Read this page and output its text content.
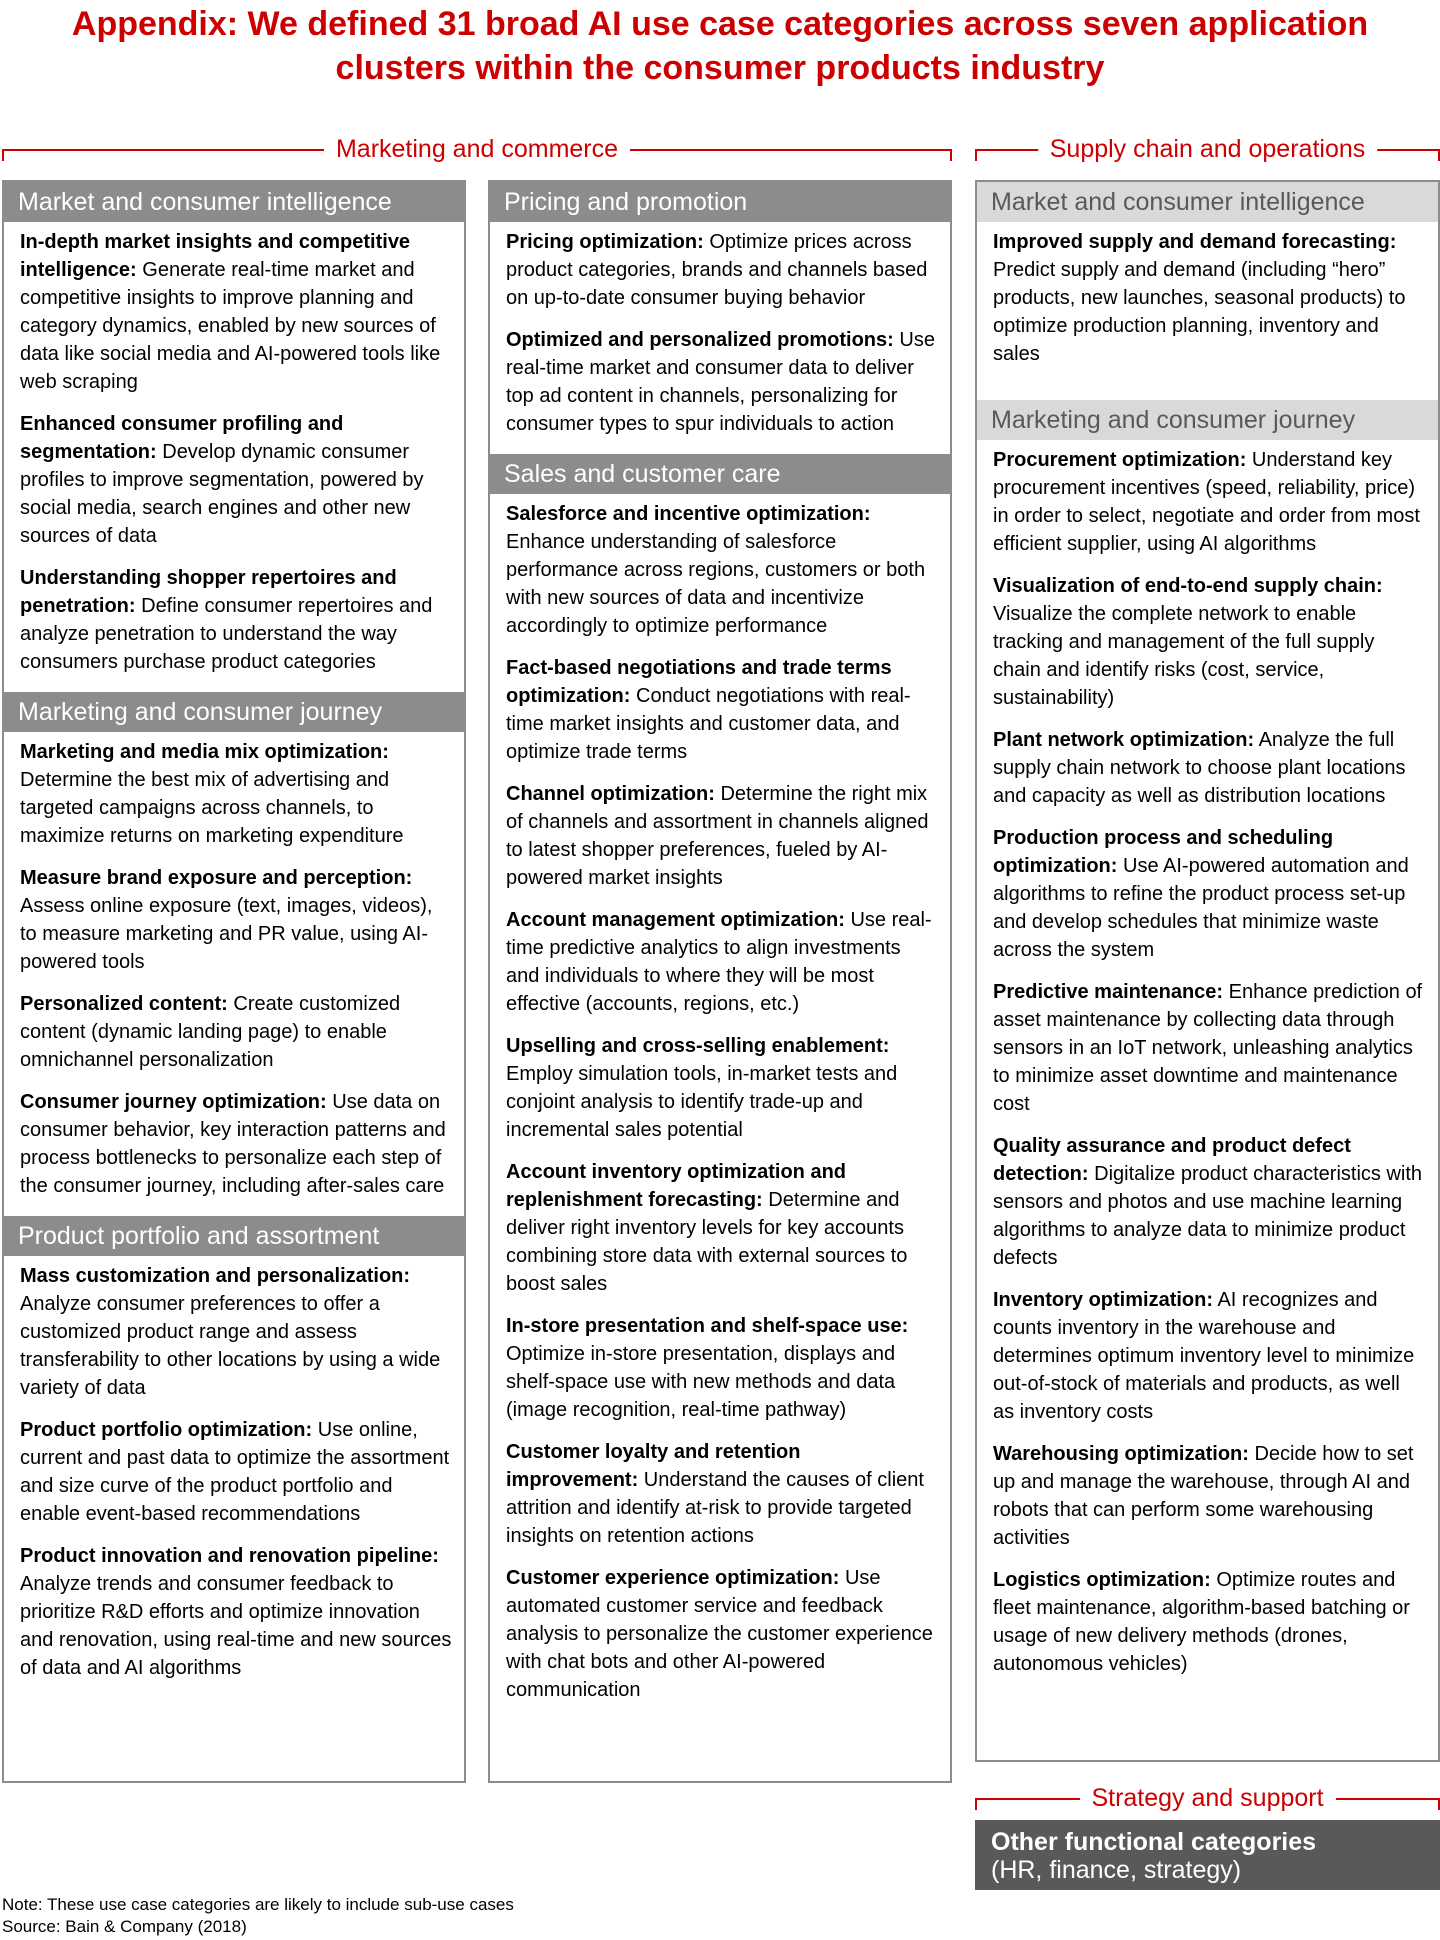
Appendix: We defined 31 broad AI use case categories across seven application clusters within the consumer products industry
Marketing and commerce	Supply chain and operations
Strategy and support
Market and consumer intelligence
In-depth market insights and competitive intelligence: Generate real-time market and competitive insights to improve planning and category dynamics, enabled by new sources of data like social media and AI-powered tools like web scraping
Enhanced consumer profiling and segmentation: Develop dynamic consumer profiles to improve segmentation, powered by social media, search engines and other new sources of data
Understanding shopper repertoires and penetration: Define consumer repertoires and analyze penetration to understand the way consumers purchase product categories
Marketing and consumer journey
Marketing and media mix optimization: Determine the best mix of advertising and targeted campaigns across channels, to maximize returns on marketing expenditure
Measure brand exposure and perception: Assess online exposure (text, images, videos), to measure marketing and PR value, using AI-powered tools
Personalized content: Create customized content (dynamic landing page) to enable omnichannel personalization
Consumer journey optimization: Use data on consumer behavior, key interaction patterns and process bottlenecks to personalize each step of the consumer journey, including after-sales care
Product portfolio and assortment
Mass customization and personalization: Analyze consumer preferences to offer a customized product range and assess transferability to other locations by using a wide variety of data
Product portfolio optimization: Use online, current and past data to optimize the assortment and size curve of the product portfolio and enable event-based recommendations
Product innovation and renovation pipeline: Analyze trends and consumer feedback to prioritize R&D efforts and optimize innovation and renovation, using real-time and new sources of data and AI algorithms
Pricing and promotion
Pricing optimization: Optimize prices across product categories, brands and channels based on up-to-date consumer buying behavior
Optimized and personalized promotions: Use real-time market and consumer data to deliver top ad content in channels, personalizing for consumer types to spur individuals to action
Sales and customer care
Salesforce and incentive optimization: Enhance understanding of salesforce performance across regions, customers or both with new sources of data and incentivize accordingly to optimize performance
Fact-based negotiations and trade terms optimization: Conduct negotiations with real-time market insights and customer data, and optimize trade terms
Channel optimization: Determine the right mix of channels and assortment in channels aligned to latest shopper preferences, fueled by AI-powered market insights
Account management optimization: Use real-time predictive analytics to align investments and individuals to where they will be most effective (accounts, regions, etc.)
Upselling and cross-selling enablement: Employ simulation tools, in-market tests and conjoint analysis to identify trade-up and incremental sales potential
Account inventory optimization and replenishment forecasting: Determine and deliver right inventory levels for key accounts combining store data with external sources to boost sales
In-store presentation and shelf-space use: Optimize in-store presentation, displays and shelf-space use with new methods and data (image recognition, real-time pathway)
Customer loyalty and retention improvement: Understand the causes of client attrition and identify at-risk to provide targeted insights on retention actions
Customer experience optimization: Use automated customer service and feedback analysis to personalize the customer experience with chat bots and other AI-powered communication
Market and consumer intelligence
Improved supply and demand forecasting: Predict supply and demand (including “hero” products, new launches, seasonal products) to optimize production planning, inventory and sales
Marketing and consumer journey
Procurement optimization: Understand key procurement incentives (speed, reliability, price) in order to select, negotiate and order from most efficient supplier, using AI algorithms
Visualization of end-to-end supply chain: Visualize the complete network to enable tracking and management of the full supply chain and identify risks (cost, service, sustainability)
Plant network optimization: Analyze the full supply chain network to choose plant locations and capacity as well as distribution locations
Production process and scheduling optimization: Use AI-powered automation and algorithms to refine the product process set-up and develop schedules that minimize waste across the system
Predictive maintenance: Enhance prediction of asset maintenance by collecting data through sensors in an IoT network, unleashing analytics to minimize asset downtime and maintenance cost
Quality assurance and product defect detection: Digitalize product characteristics with sensors and photos and use machine learning algorithms to analyze data to minimize product defects
Inventory optimization: AI recognizes and counts inventory in the warehouse and determines optimum inventory level to minimize out-of-stock of materials and products, as well as inventory costs
Warehousing optimization: Decide how to set up and manage the warehouse, through AI and robots that can perform some warehousing activities
Logistics optimization: Optimize routes and fleet maintenance, algorithm-based batching or usage of new delivery methods (drones, autonomous vehicles)
Other functional categories
(HR, finance, strategy)
Note: These use case categories are likely to include sub-use cases
Source: Bain & Company (2018)
